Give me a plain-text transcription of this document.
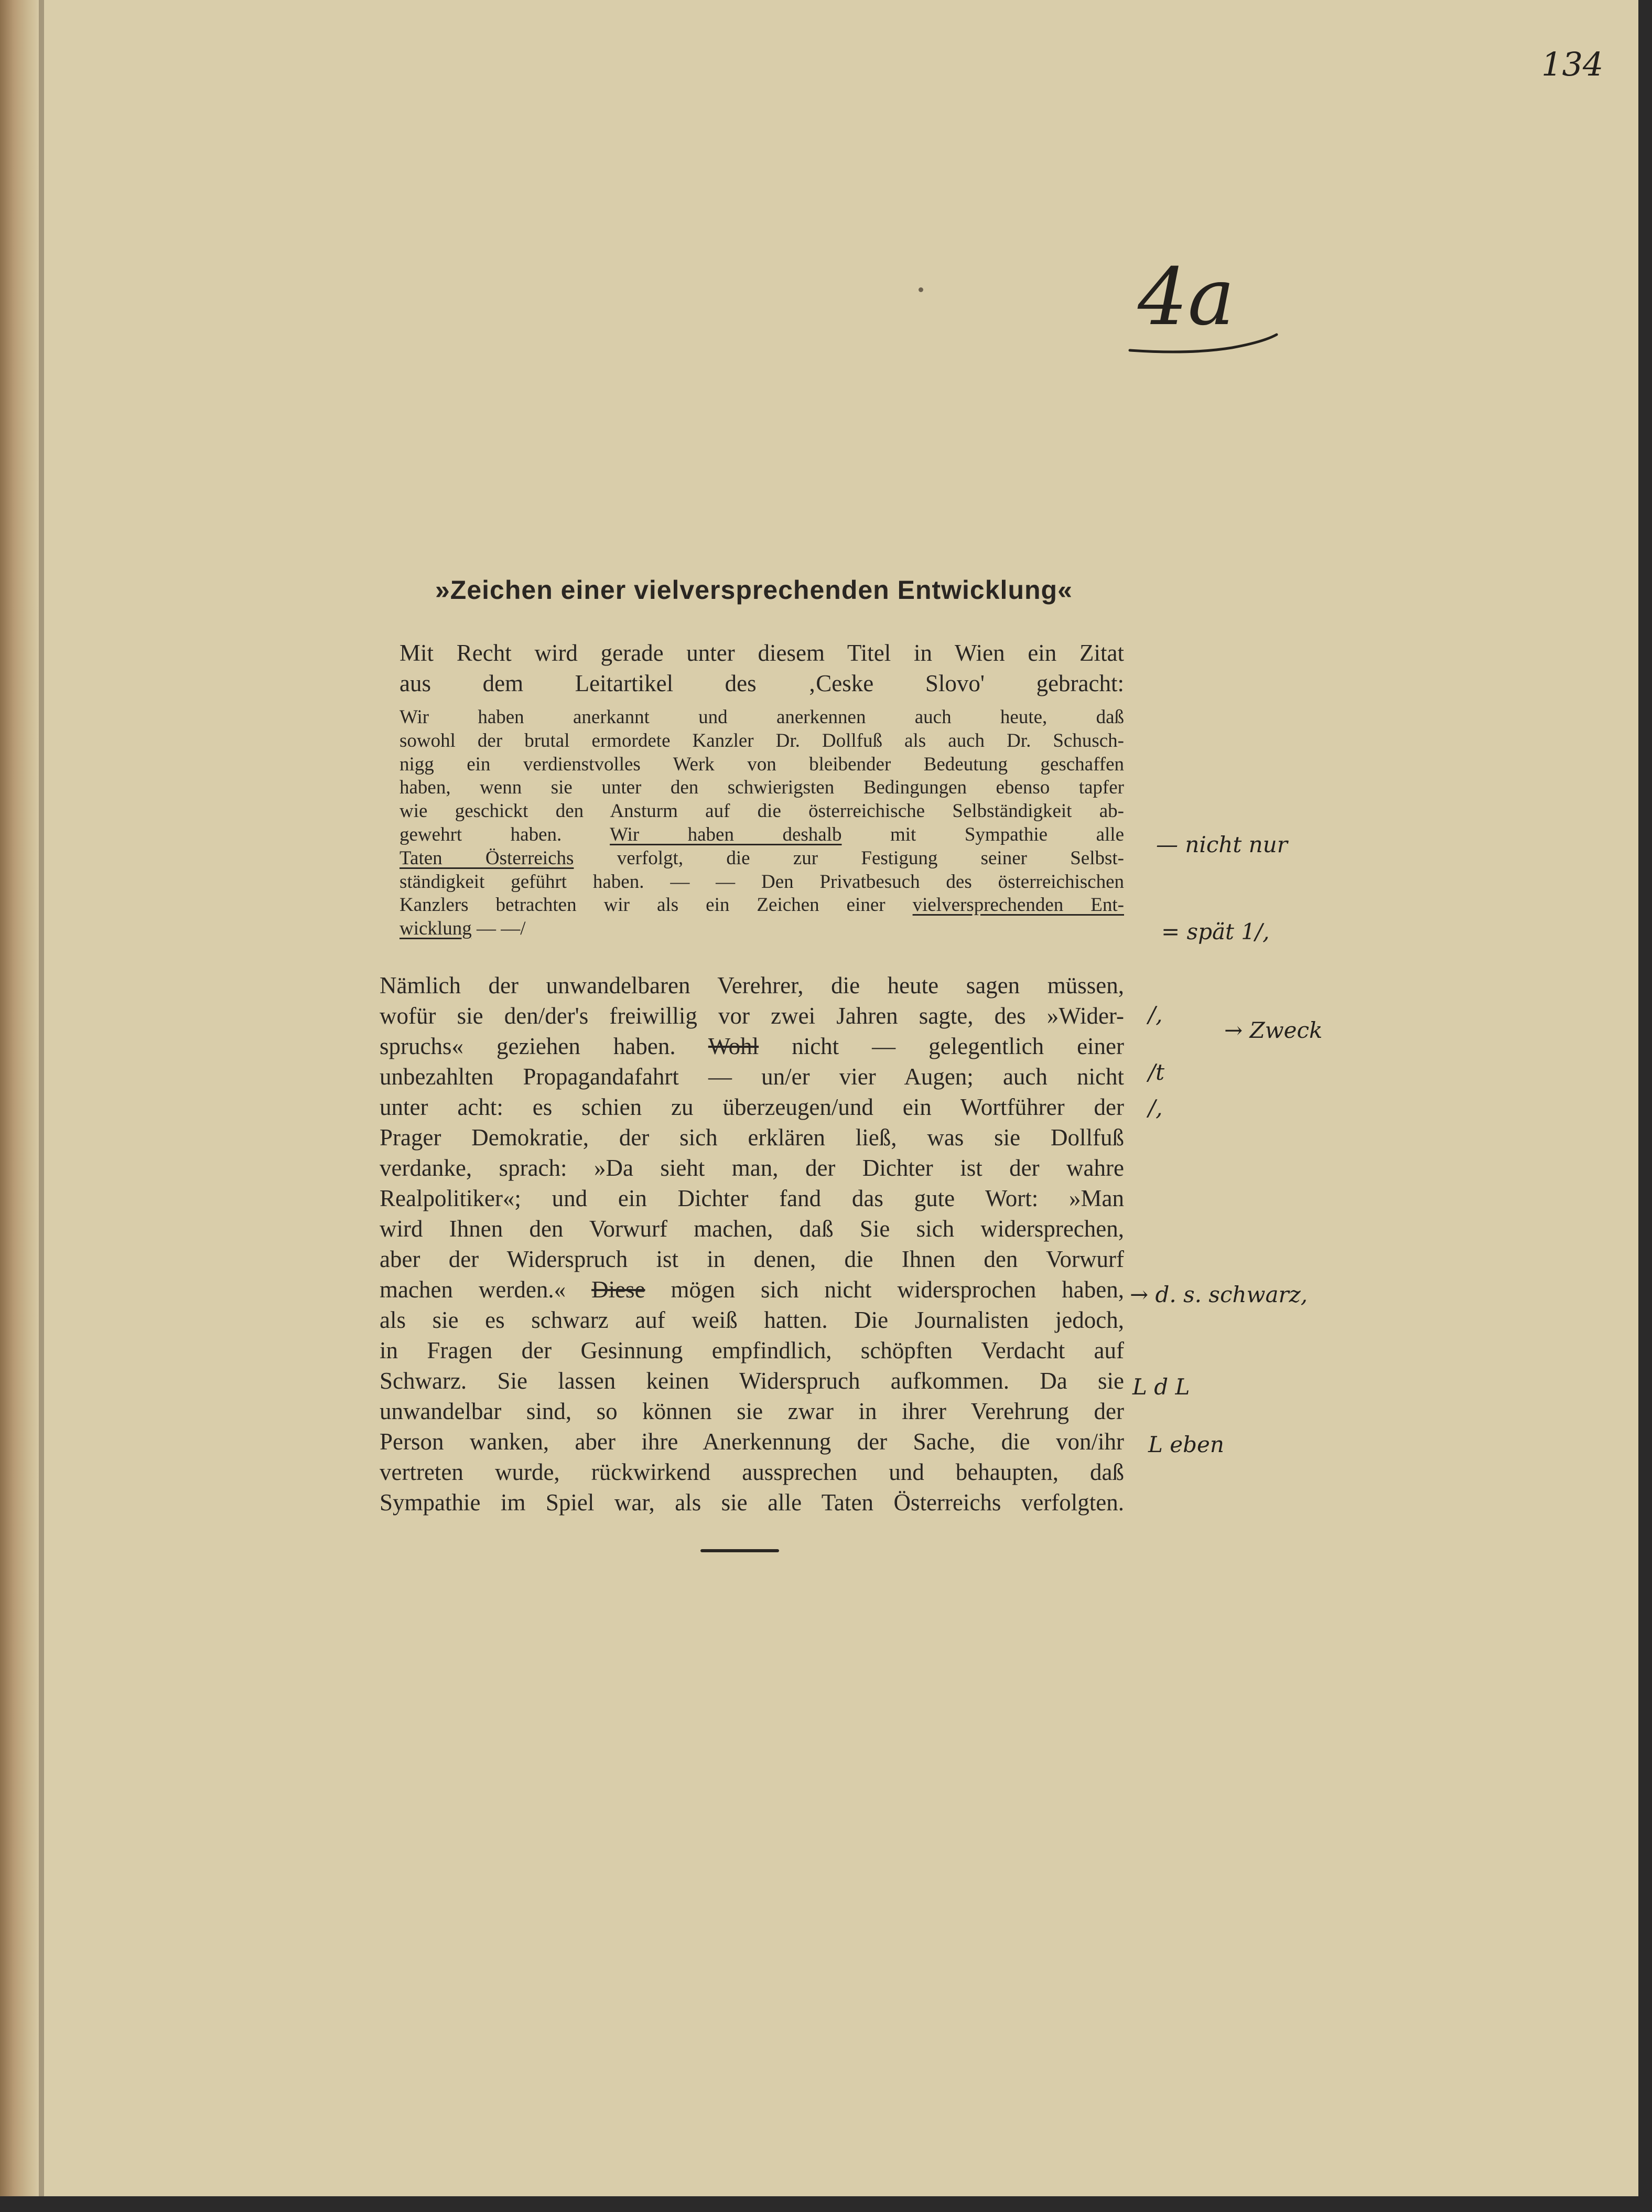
134
4a
»Zeichen einer vielversprechenden Entwicklung«
Mit Recht wird gerade unter diesem Titel in Wien ein Zitat
aus dem Leitartikel des ‚Ceske Slovo' gebracht:
Wir haben anerkannt und anerkennen auch heute, daß
sowohl der brutal ermordete Kanzler Dr. Dollfuß als auch Dr. Schusch-
nigg ein verdienstvolles Werk von bleibender Bedeutung geschaffen
haben, wenn sie unter den schwierigsten Bedingungen ebenso tapfer
wie geschickt den Ansturm auf die österreichische Selbständigkeit ab-
gewehrt haben. Wir haben deshalb	mit Sympathie alle
Taten Österreichs verfolgt, die zur Festigung seiner Selbst-
ständigkeit geführt haben. — — Den Privatbesuch des österreichischen
Kanzlers betrachten wir als ein Zeichen einer vielversprechenden Ent-
wicklung — —/
Nämlich der unwandelbaren Verehrer, die heute sagen müssen,
wofür sie den/der's freiwillig vor zwei Jahren sagte, des »Wider-
spruchs« geziehen haben. Wohl nicht — gelegentlich einer
unbezahlten Propagandafahrt — un/er vier Augen; auch nicht
unter acht: es schien zu überzeugen/und ein Wortführer der
Prager Demokratie, der sich erklären ließ, was sie Dollfuß
verdanke, sprach: »Da sieht man, der Dichter ist der wahre
Realpolitiker«; und ein Dichter fand das gute Wort: »Man
wird Ihnen den Vorwurf machen, daß Sie sich widersprechen,
aber der Widerspruch ist in denen, die Ihnen den Vorwurf
machen werden.« Diese mögen sich nicht widersprochen haben,
als sie es schwarz auf weiß hatten. Die Journalisten jedoch,
in Fragen der Gesinnung empfindlich, schöpften Verdacht auf
Schwarz. Sie lassen keinen Widerspruch aufkommen. Da sie
unwandelbar sind, so können sie zwar in ihrer Verehrung der
Person wanken, aber ihre Anerkennung der Sache, die von/ihr
vertreten wurde, rückwirkend aussprechen und behaupten, daß
Sympathie im Spiel war, als sie alle Taten Österreichs verfolgten.
— nicht nur
= spät 1/,
/,
→ Zweck
/t
/,
→ d. s. schwarz,
L d L
L eben
